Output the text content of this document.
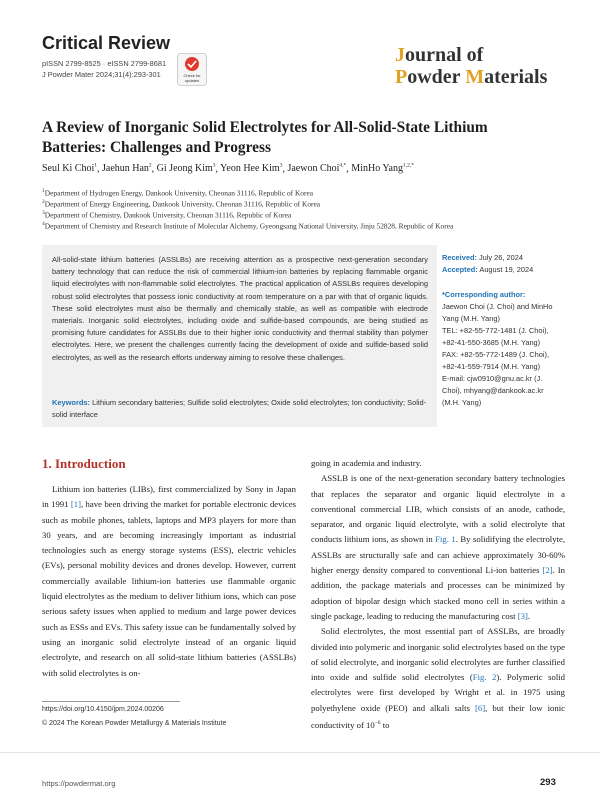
Critical Review
pISSN 2799-8525 · eISSN 2799-8681
J Powder Mater 2024;31(4):293-301	Check for
updates
Journal of
Powder Materials
A Review of Inorganic Solid Electrolytes for All-Solid-State Lithium
Batteries: Challenges and Progress
Seul Ki Choi$^1$, Jaehun Han$^2$, Gi Jeong Kim$^3$, Yeon Hee Kim$^3$, Jaewon Choi$^{4,*}$, MinHo Yang$^{1,2,*}$
$^1$Department of Hydrogen Energy, Dankook University, Cheonan 31116, Republic of Korea
$^2$Department of Energy Engineering, Dankook University, Cheonan 31116, Republic of Korea
$^3$Department of Chemistry, Dankook University, Cheonan 31116, Republic of Korea
$^4$Department of Chemistry and Research Institute of Molecular Alchemy, Gyeongsang National University, Jinju 52828, Republic of Korea
All-solid-state lithium batteries (ASSLBs) are receiving attention as a prospective next-generation secondary battery technology that can reduce the risk of commercial lithium-ion batteries by replacing flammable organic liquid electrolytes with non-flammable solid electrolytes. The practical application of ASSLBs requires developing robust solid electrolytes that possess ionic conductivity at room temperature on a par with that of organic liquids. These solid electrolytes must also be thermally and chemically stable, as well as compatible with electrode materials. Inorganic solid electrolytes, including oxide and sulfide-based compounds, are being studied as promising future candidates for ASSLBs due to their higher ionic conductivity and thermal stability than polymer electrolytes. Here, we present the challenges currently facing the development of oxide and sulfide-based solid electrolytes, as well as the research efforts underway aiming to resolve these challenges.
Keywords: Lithium secondary batteries; Sulfide solid electrolytes; Oxide solid electrolytes; Ion conductivity; Solid-solid interface
Received: July 26, 2024
Accepted: August 19, 2024
*Corresponding author:
Jaewon Choi (J. Choi) and MinHo
Yang (M.H. Yang)
TEL: +82-55-772-1481 (J. Choi),
+82-41-550-3685 (M.H. Yang)
FAX: +82-55-772-1489 (J. Choi),
+82-41-559-7914 (M.H. Yang)
E-mail: cjw0910@gnu.ac.kr (J.
Choi), mhyang@dankook.ac.kr
(M.H. Yang)
1. Introduction

Lithium ion batteries (LIBs), first commercialized by Sony in Japan in 1991 [1], have been driving the market for portable electronic devices such as mobile phones, tablets, laptops and MP3 players for more than 30 years, and are becoming increasingly important as industrial technologies such as energy storage systems (ESS), electric vehicles (EVs), personal mobility devices and drones develop. However, current commercially available lithium-ion batteries use flammable organic liquid electrolytes as the medium to deliver lithium ions, which can pose serious safety issues when applied to medium and large power devices such as ESSs and EVs. This safety issue can be fundamentally solved by using an inorganic solid electrolyte instead of an organic liquid electrolyte, and research on all solid-state lithium batteries (ASSLBs) with solid electrolytes is on-

going in academia and industry.

ASSLB is one of the next-generation secondary battery technologies that replaces the separator and organic liquid electrolyte in a conventional commercial LIB, which consists of an anode, cathode, separator, and organic liquid electrolyte, with a solid electrolyte that conducts lithium ions, as shown in Fig. 1. By solidifying the electrolyte, ASSLBs are structurally safe and can achieve approximately 30-60% higher energy density compared to conventional Li-ion batteries [2]. In addition, the package materials and processes can be minimized by adoption of bipolar design which stacked mono cell in series within a single package, leading to reducing the manufacturing cost [3].

Solid electrolytes, the most essential part of ASSLBs, are broadly divided into polymeric and inorganic solid electrolytes based on the type of solid electrolyte, and inorganic solid electrolytes are further classified into oxide and sulfide solid electrolytes (Fig. 2). Polymeric solid electrolytes were first developed by Wright et al. in 1975 using polyethylene oxide (PEO) and alkali salts [6], but their low ionic conductivity of $10^{-6}$ to

https://doi.org/10.4150/jpm.2024.00206
© 2024 The Korean Powder Metallurgy & Materials Institute
https://powdermat.org	293
